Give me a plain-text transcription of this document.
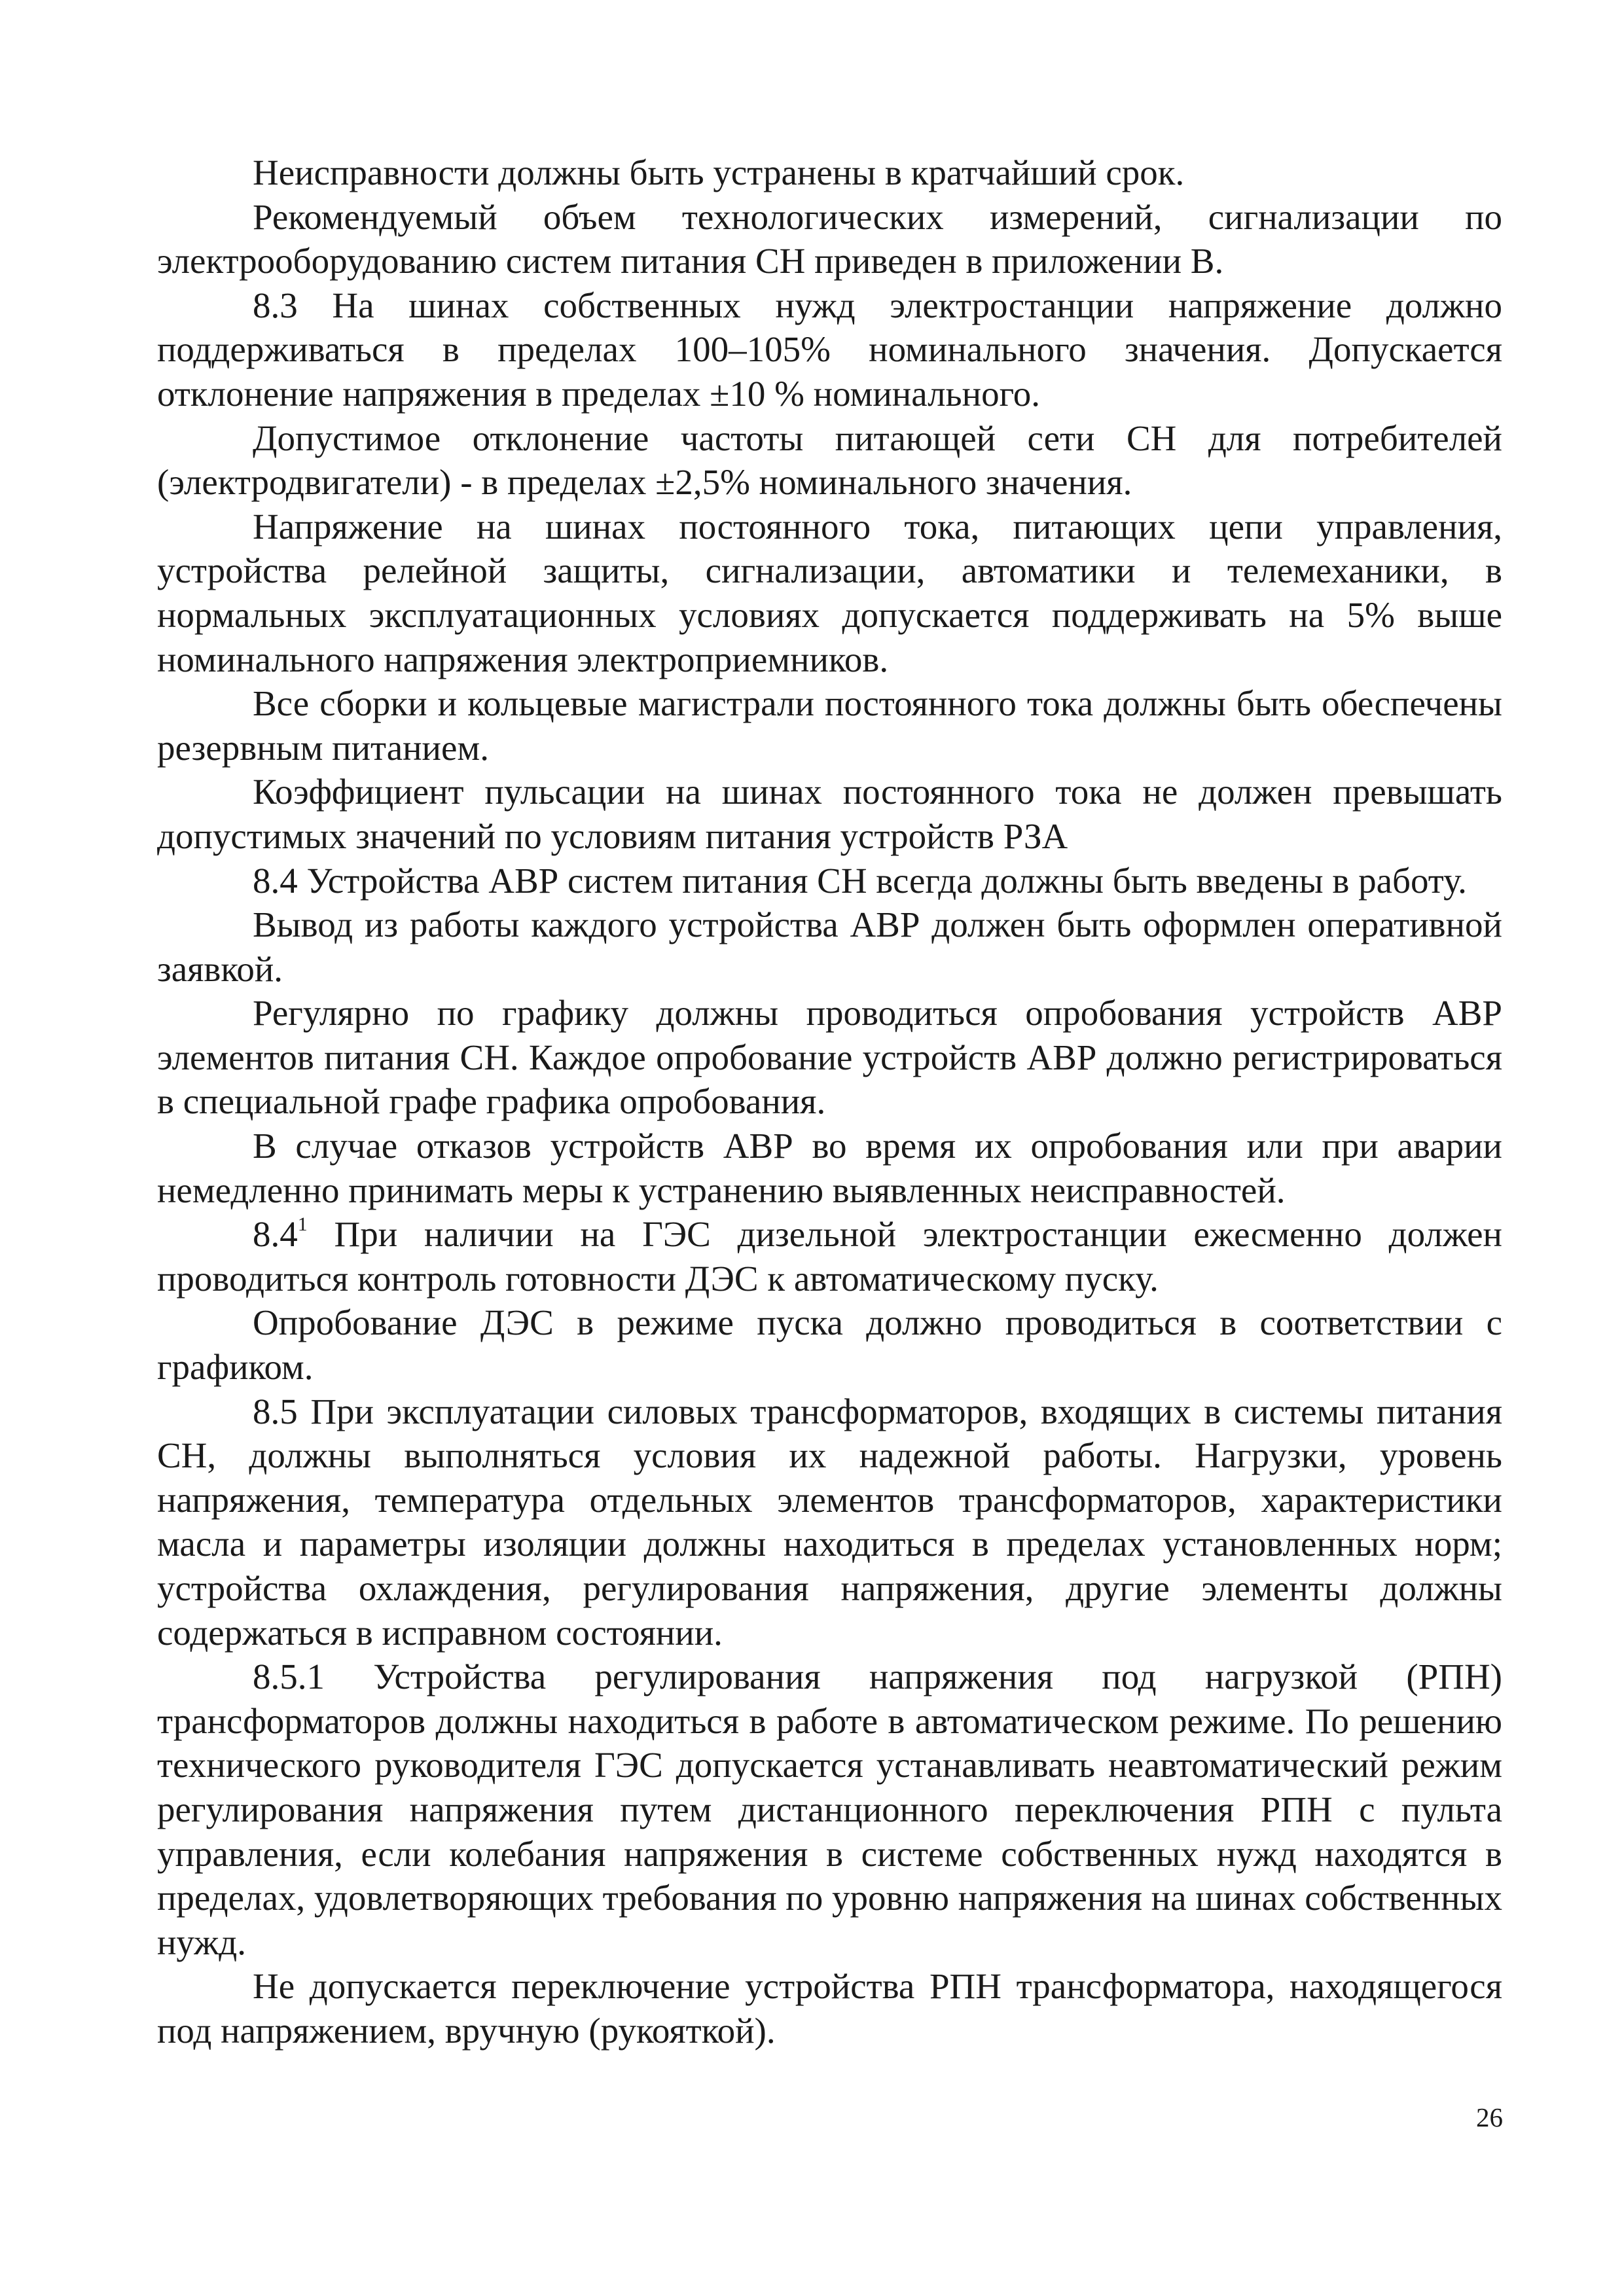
Неисправности должны быть устранены в кратчайший срок.

Рекомендуемый объем технологических измерений, сигнализации по электрооборудованию систем питания СН приведен в приложении В.

8.3 На шинах собственных нужд электростанции напряжение должно поддерживаться в пределах 100–105% номинального значения. Допускается отклонение напряжения в пределах ±10 % номинального.

Допустимое отклонение частоты питающей сети СН для потребителей (электродвигатели) - в пределах ±2,5% номинального значения.

Напряжение на шинах постоянного тока, питающих цепи управления, устройства релейной защиты, сигнализации, автоматики и телемеханики, в нормальных эксплуатационных условиях допускается поддерживать на 5% выше номинального напряжения электроприемников.

Все сборки и кольцевые магистрали постоянного тока должны быть обеспечены резервным питанием.

Коэффициент пульсации на шинах постоянного тока не должен превышать допустимых значений по условиям питания устройств РЗА

8.4 Устройства АВР систем питания СН всегда должны быть введены в работу.

Вывод из работы каждого устройства АВР должен быть оформлен оперативной заявкой.

Регулярно по графику должны проводиться опробования устройств АВР элементов питания СН. Каждое опробование устройств АВР должно регистрироваться в специальной графе графика опробования.

В случае отказов устройств АВР во время их опробования или при аварии немедленно принимать меры к устранению выявленных неисправностей.

$8.4^1$ При наличии на ГЭС дизельной электростанции ежесменно должен проводиться контроль готовности ДЭС к автоматическому пуску.

Опробование ДЭС в режиме пуска должно проводиться в соответствии с графиком.

8.5 При эксплуатации силовых трансформаторов, входящих в системы питания СН, должны выполняться условия их надежной работы. Нагрузки, уровень напряжения, температура отдельных элементов трансформаторов, характеристики масла и параметры изоляции должны находиться в пределах установленных норм; устройства охлаждения, регулирования напряжения, другие элементы должны содержаться в исправном состоянии.

8.5.1 Устройства регулирования напряжения под нагрузкой (РПН) трансформаторов должны находиться в работе в автоматическом режиме. По решению технического руководителя ГЭС допускается устанавливать неавтоматический режим регулирования напряжения путем дистанционного переключения РПН с пульта управления, если колебания напряжения в системе собственных нужд находятся в пределах, удовлетворяющих требования по уровню напряжения на шинах собственных нужд.

Не допускается переключение устройства РПН трансформатора, находящегося под напряжением, вручную (рукояткой).

26
